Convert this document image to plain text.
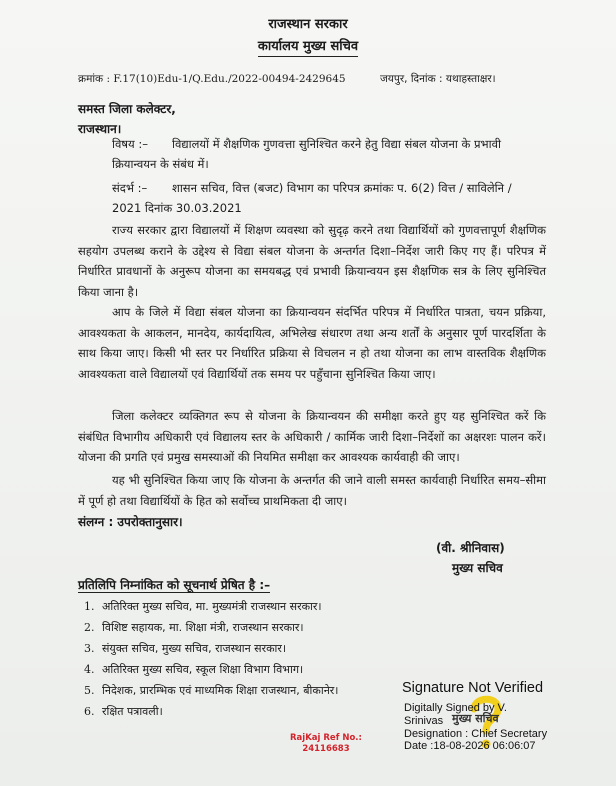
राजस्थान सरकार
कार्यालय मुख्य सचिव
क्रमांक : F.17(10)Edu-1/Q.Edu./2022-00494-2429645	जयपुर, दिनांक : यथाहस्ताक्षर।
समस्त जिला कलेक्टर,
राजस्थान।
विषय :– विद्यालयों में शैक्षणिक गुणवत्ता सुनिश्चित करने हेतु विद्या संबल योजना के प्रभावी क्रियान्वयन के संबंध में।
संदर्भ :– शासन सचिव, वित्त (बजट) विभाग का परिपत्र क्रमांकः प. 6(2) वित्त / साविलेनि / 2021 दिनांक 30.03.2021
राज्य सरकार द्वारा विद्यालयों में शिक्षण व्यवस्था को सुदृढ़ करने तथा विद्यार्थियों को गुणवत्तापूर्ण शैक्षणिक सहयोग उपलब्ध कराने के उद्देश्य से विद्या संबल योजना के अन्तर्गत दिशा–निर्देश जारी किए गए हैं। परिपत्र में निर्धारित प्रावधानों के अनुरूप योजना का समयबद्ध एवं प्रभावी क्रियान्वयन इस शैक्षणिक सत्र के लिए सुनिश्चित किया जाना है।
आप के जिले में विद्या संबल योजना का क्रियान्वयन संदर्भित परिपत्र में निर्धारित पात्रता, चयन प्रक्रिया, आवश्यकता के आकलन, मानदेय, कार्यदायित्व, अभिलेख संधारण तथा अन्य शर्तों के अनुसार पूर्ण पारदर्शिता के साथ किया जाए। किसी भी स्तर पर निर्धारित प्रक्रिया से विचलन न हो तथा योजना का लाभ वास्तविक शैक्षणिक आवश्यकता वाले विद्यालयों एवं विद्यार्थियों तक समय पर पहुँचाना सुनिश्चित किया जाए।
जिला कलेक्टर व्यक्तिगत रूप से योजना के क्रियान्वयन की समीक्षा करते हुए यह सुनिश्चित करें कि संबंधित विभागीय अधिकारी एवं विद्यालय स्तर के अधिकारी / कार्मिक जारी दिशा–निर्देशों का अक्षरशः पालन करें। योजना की प्रगति एवं प्रमुख समस्याओं की नियमित समीक्षा कर आवश्यक कार्यवाही की जाए।
यह भी सुनिश्चित किया जाए कि योजना के अन्तर्गत की जाने वाली समस्त कार्यवाही निर्धारित समय–सीमा में पूर्ण हो तथा विद्यार्थियों के हित को सर्वोच्च प्राथमिकता दी जाए।
संलग्न : उपरोक्तानुसार।
(वी. श्रीनिवास)
मुख्य सचिव
प्रतिलिपि निम्नांकित को सूचनार्थ प्रेषित है :–
1. अतिरिक्त मुख्य सचिव, मा. मुख्यमंत्री राजस्थान सरकार।
2. विशिष्ट सहायक, मा. शिक्षा मंत्री, राजस्थान सरकार।
3. संयुक्त सचिव, मुख्य सचिव, राजस्थान सरकार।
4. अतिरिक्त मुख्य सचिव, स्कूल शिक्षा विभाग विभाग।
5. निदेशक, प्रारम्भिक एवं माध्यमिक शिक्षा राजस्थान, बीकानेर।
6. रक्षित पत्रावली।
RajKaj Ref No.:
24116683
मुख्य सचिव
Signature Not Verified
Digitally Signed by V.
Srinivas
Designation : Chief Secretary
Date :18-08-2026 06:06:07
